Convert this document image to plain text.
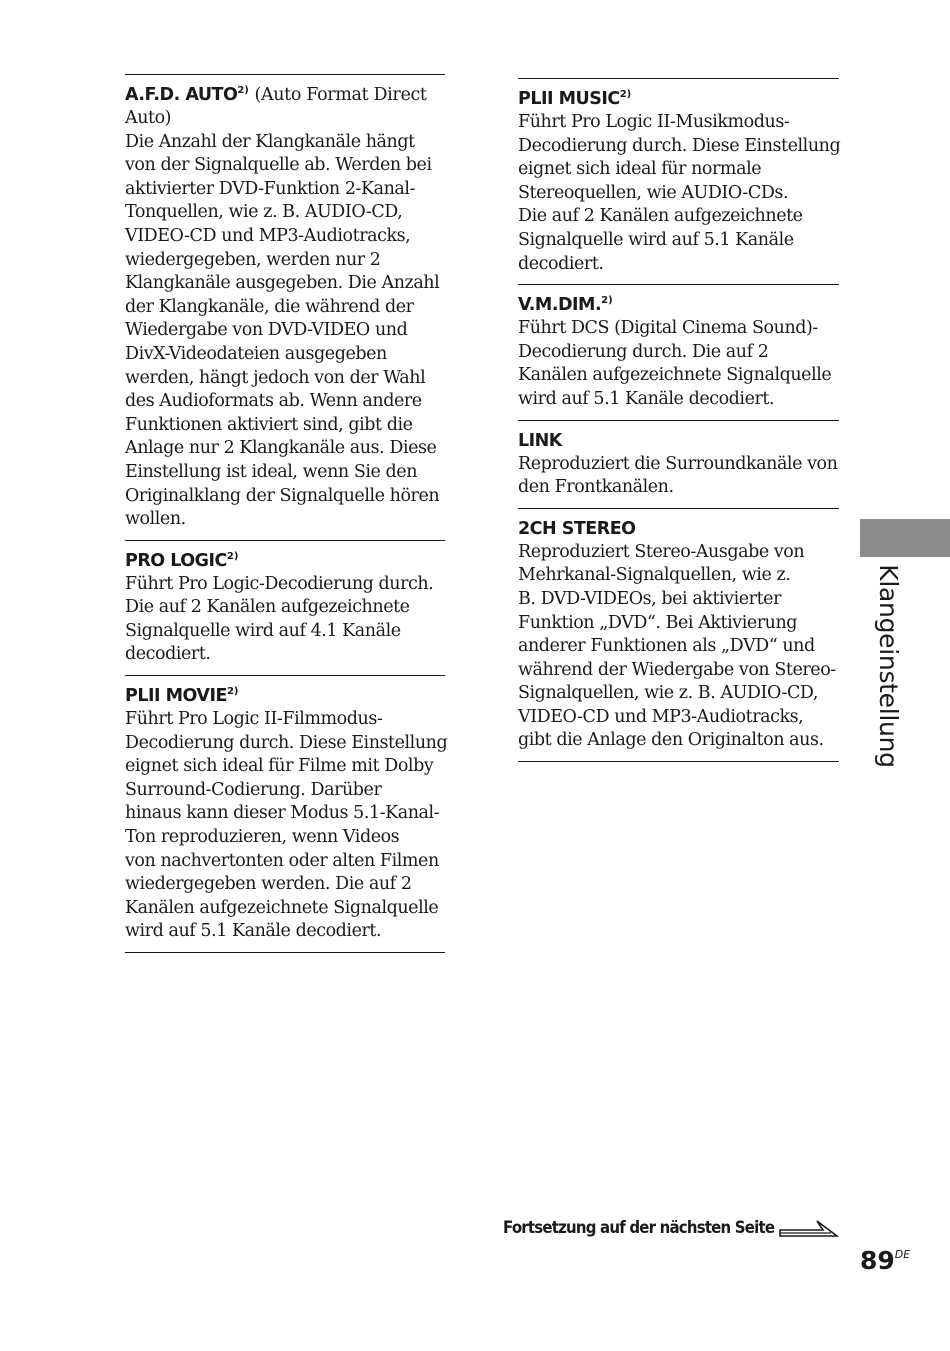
A.F.D. AUTO$^{2)}$ (Auto Format Direct
Auto)
Die Anzahl der Klangkanäle hängt
von der Signalquelle ab. Werden bei
aktivierter DVD-Funktion 2-Kanal-
Tonquellen, wie z. B. AUDIO-CD,
VIDEO-CD und MP3-Audiotracks,
wiedergegeben, werden nur 2
Klangkanäle ausgegeben. Die Anzahl
der Klangkanäle, die während der
Wiedergabe von DVD-VIDEO und
DivX-Videodateien ausgegeben
werden, hängt jedoch von der Wahl
des Audioformats ab. Wenn andere
Funktionen aktiviert sind, gibt die
Anlage nur 2 Klangkanäle aus. Diese
Einstellung ist ideal, wenn Sie den
Originalklang der Signalquelle hören
wollen.
PRO LOGIC$^{2)}$
Führt Pro Logic-Decodierung durch.
Die auf 2 Kanälen aufgezeichnete
Signalquelle wird auf 4.1 Kanäle
decodiert.
PLII MOVIE$^{2)}$
Führt Pro Logic II-Filmmodus-
Decodierung durch. Diese Einstellung
eignet sich ideal für Filme mit Dolby
Surround-Codierung. Darüber
hinaus kann dieser Modus 5.1-Kanal-
Ton reproduzieren, wenn Videos
von nachvertonten oder alten Filmen
wiedergegeben werden. Die auf 2
Kanälen aufgezeichnete Signalquelle
wird auf 5.1 Kanäle decodiert.
PLII MUSIC$^{2)}$
Führt Pro Logic II-Musikmodus-
Decodierung durch. Diese Einstellung
eignet sich ideal für normale
Stereoquellen, wie AUDIO-CDs.
Die auf 2 Kanälen aufgezeichnete
Signalquelle wird auf 5.1 Kanäle
decodiert.
V.M.DIM.$^{2)}$
Führt DCS (Digital Cinema Sound)-
Decodierung durch. Die auf 2
Kanälen aufgezeichnete Signalquelle
wird auf 5.1 Kanäle decodiert.
LINK
Reproduziert die Surroundkanäle von
den Frontkanälen.
2CH STEREO
Reproduziert Stereo-Ausgabe von
Mehrkanal-Signalquellen, wie z.
B. DVD-VIDEOs, bei aktivierter
Funktion „DVD“. Bei Aktivierung
anderer Funktionen als „DVD“ und
während der Wiedergabe von Stereo-
Signalquellen, wie z. B. AUDIO-CD,
VIDEO-CD und MP3-Audiotracks,
gibt die Anlage den Originalton aus.	Klangeinstellung
Fortsetzung auf der nächsten Seite
89DE
